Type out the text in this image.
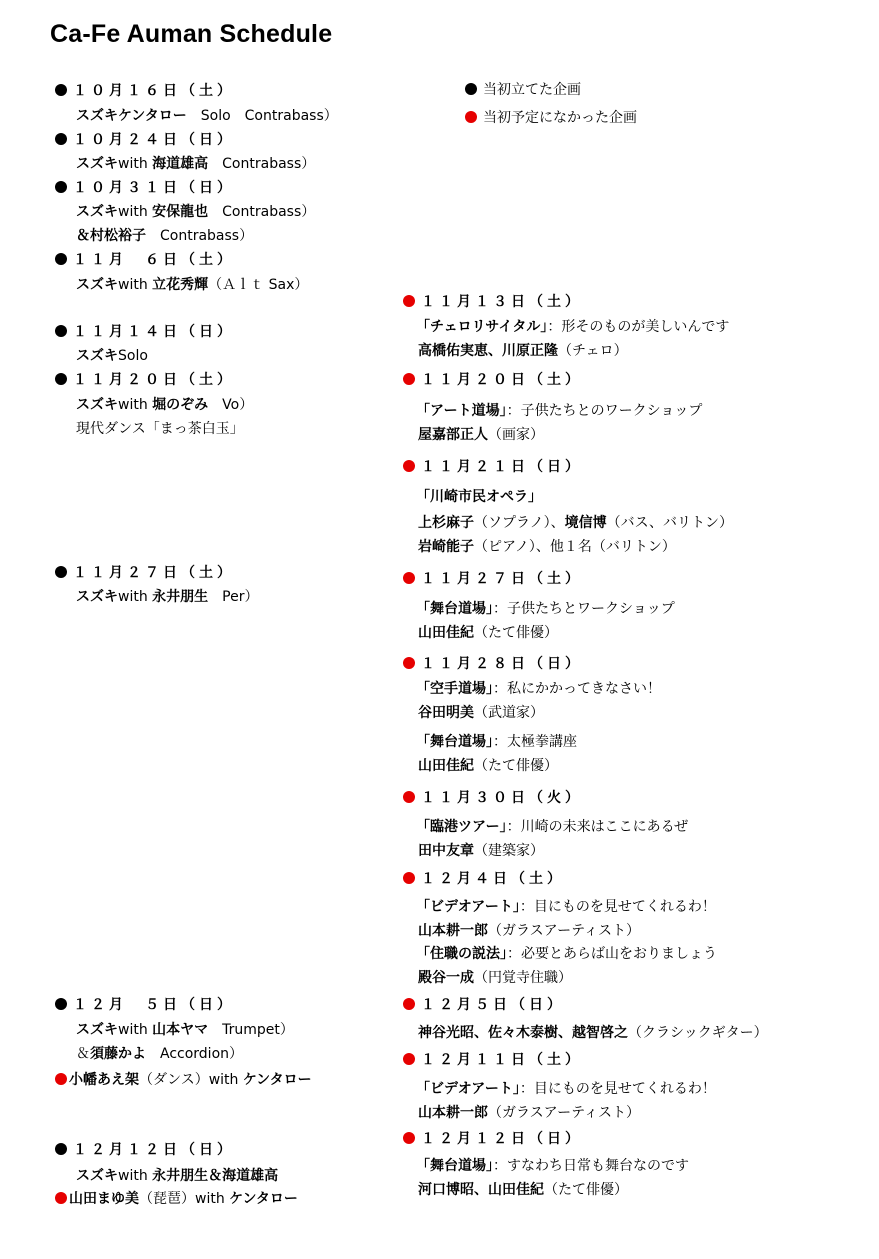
Ca-Fe Auman Schedule
当初立てた企画
当初予定になかった企画
１０月１６日（土）
スズキケンタロー　Solo　Contrabass）
１０月２４日（日）
スズキwith 海道雄高　Contrabass）
１０月３１日（日）
スズキwith 安保龍也　Contrabass）
＆村松裕子　Contrabass）
１１月　６日（土）
スズキwith 立花秀輝（Ａｌｔ Sax）
１１月１４日（日）
スズキSolo
１１月２０日（土）
スズキwith 堀のぞみ　Vo）
現代ダンス「まっ茶白玉」
１１月２７日（土）
スズキwith 永井朋生　Per）
１２月　５日（日）
スズキwith 山本ヤマ　Trumpet）
＆須藤かよ　Accordion）
小幡あえ架（ダンス）with ケンタロー
１２月１２日（日）
スズキwith 永井朋生＆海道雄高
山田まゆ美（琵琶）with ケンタロー
１１月１３日（土）
「チェロリサイタル」：形そのものが美しいんです
高橋佑実恵、川原正隆（チェロ）
１１月２０日（土）
「アート道場」：子供たちとのワークショップ
屋嘉部正人（画家）
１１月２１日（日）
「川崎市民オペラ」
上杉麻子（ソプラノ）、境信博（バス、バリトン）
岩崎能子（ピアノ）、他１名（バリトン）
１１月２７日（土）
「舞台道場」：子供たちとワークショップ
山田佳紀（たて俳優）
１１月２８日（日）
「空手道場」：私にかかってきなさい！
谷田明美（武道家）
「舞台道場」：太極拳講座
山田佳紀（たて俳優）
１１月３０日（火）
「臨港ツアー」：川崎の未来はここにあるぜ
田中友章（建築家）
１２月４日（土）
「ビデオアート」：目にものを見せてくれるわ！
山本耕一郎（ガラスアーティスト）
「住職の説法」：必要とあらば山をおりましょう
殿谷一成（円覚寺住職）
１２月５日（日）
神谷光昭、佐々木泰樹、越智啓之（クラシックギター）
１２月１１日（土）
「ビデオアート」：目にものを見せてくれるわ！
山本耕一郎（ガラスアーティスト）
１２月１２日（日）
「舞台道場」：すなわち日常も舞台なのです
河口博昭、山田佳紀（たて俳優）
